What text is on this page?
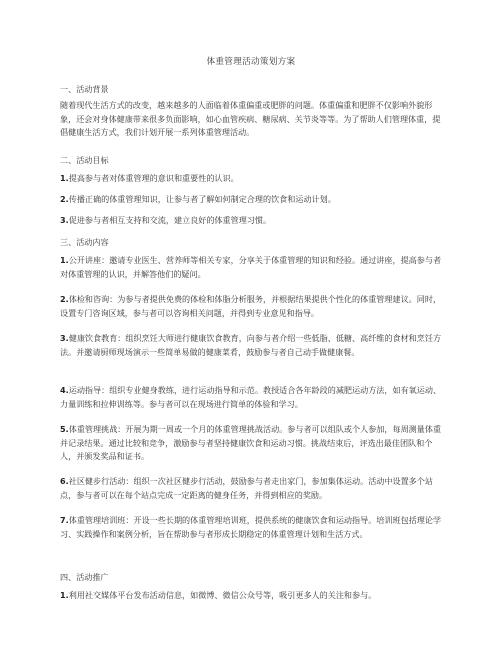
体重管理活动策划方案
一、活动背景

随着现代生活方式的改变，越来越多的人面临着体重偏重或肥胖的问题。体重偏重和肥胖不仅影响外貌形象，还会对身体健康带来很多负面影响，如心血管疾病、糖尿病、关节炎等等。为了帮助人们管理体重，提倡健康生活方式，我们计划开展一系列体重管理活动。

二、活动目标
1.提高参与者对体重管理的意识和重要性的认识。
2.传播正确的体重管理知识，让参与者了解如何制定合理的饮食和运动计划。
3.促进参与者相互支持和交流，建立良好的体重管理习惯。
三、活动内容
1.公开讲座：邀请专业医生、营养师等相关专家，分享关于体重管理的知识和经验。通过讲座，提高参与者对体重管理的认识，并解答他们的疑问。
2.体检和咨询：为参与者提供免费的体检和体脂分析服务，并根据结果提供个性化的体重管理建议。同时，设置专门咨询区域，参与者可以咨询相关问题，并得到专业意见和指导。
3.健康饮食教育：组织烹饪大师进行健康饮食教育，向参与者介绍一些低脂、低糖、高纤维的食材和烹饪方法。并邀请厨师现场演示一些简单易做的健康菜肴，鼓励参与者自己动手做健康餐。
4.运动指导：组织专业健身教练，进行运动指导和示范。教授适合各年龄段的减肥运动方法，如有氧运动、力量训练和拉伸训练等。参与者可以在现场进行简单的体验和学习。
5.体重管理挑战：开展为期一周或一个月的体重管理挑战活动。参与者可以组队或个人参加，每周测量体重并记录结果。通过比较和竞争，激励参与者坚持健康饮食和运动习惯。挑战结束后，评选出最佳团队和个人，并颁发奖品和证书。
6.社区健步行活动：组织一次社区健步行活动，鼓励参与者走出家门，参加集体运动。活动中设置多个站点，参与者可以在每个站点完成一定距离的健身任务，并得到相应的奖励。
7.体重管理培训班：开设一些长期的体重管理培训班，提供系统的健康饮食和运动指导。培训班包括理论学习、实践操作和案例分析，旨在帮助参与者形成长期稳定的体重管理计划和生活方式。
四、活动推广
1.利用社交媒体平台发布活动信息，如微博、微信公众号等，吸引更多人的关注和参与。
